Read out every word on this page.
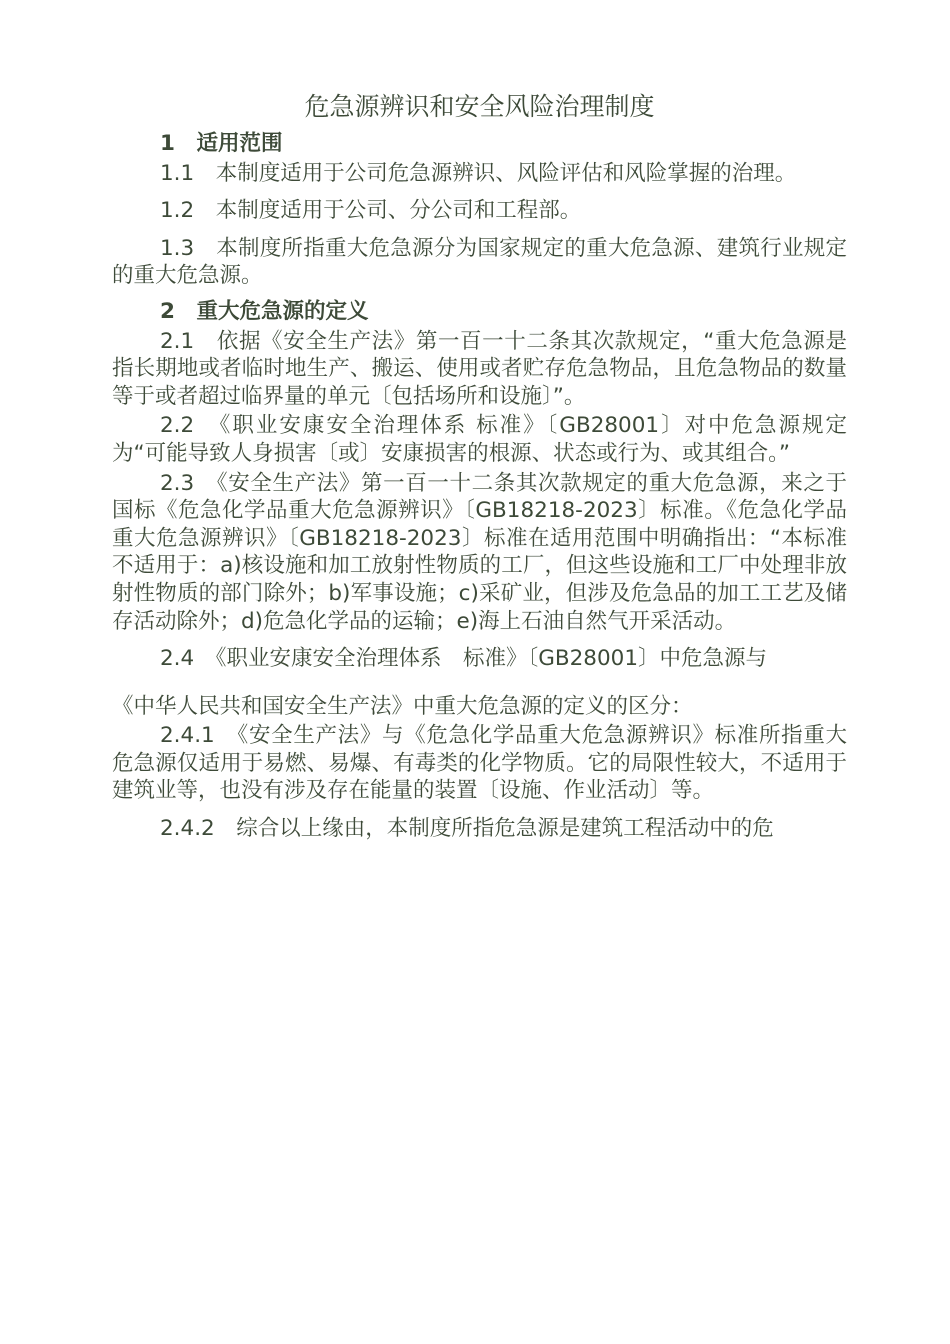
危急源辨识和安全风险治理制度
1　适用范围
1.1　本制度适用于公司危急源辨识、风险评估和风险掌握的治理。
1.2　本制度适用于公司、分公司和工程部。
1.3　本制度所指重大危急源分为国家规定的重大危急源、建筑行业规定的重大危急源。
2　重大危急源的定义
2.1　依据《安全生产法》第一百一十二条其次款规定，“重大危急源是指长期地或者临时地生产、搬运、使用或者贮存危急物品，且危急物品的数量等于或者超过临界量的单元〔包括场所和设施〕”。
2.2　《职业安康安全治理体系 标准》〔GB28001〕对中危急源规定为“可能导致人身损害〔或〕安康损害的根源、状态或行为、或其组合。”
2.3　《安全生产法》第一百一十二条其次款规定的重大危急源，来之于国标《危急化学品重大危急源辨识》〔GB18218-2023〕标准。《危急化学品重大危急源辨识》〔GB18218-2023〕标准在适用范围中明确指出：“本标准不适用于：a)核设施和加工放射性物质的工厂，但这些设施和工厂中处理非放射性物质的部门除外；b)军事设施；c)采矿业，但涉及危急品的加工工艺及储存活动除外；d)危急化学品的运输；e)海上石油自然气开采活动。
2.4　《职业安康安全治理体系　标准》〔GB28001〕中危急源与
《中华人民共和国安全生产法》中重大危急源的定义的区分：
2.4.1　《安全生产法》与《危急化学品重大危急源辨识》标准所指重大危急源仅适用于易燃、易爆、有毒类的化学物质。它的局限性较大，不适用于建筑业等，也没有涉及存在能量的装置〔设施、作业活动〕等。
2.4.2　综合以上缘由，本制度所指危急源是建筑工程活动中的危
